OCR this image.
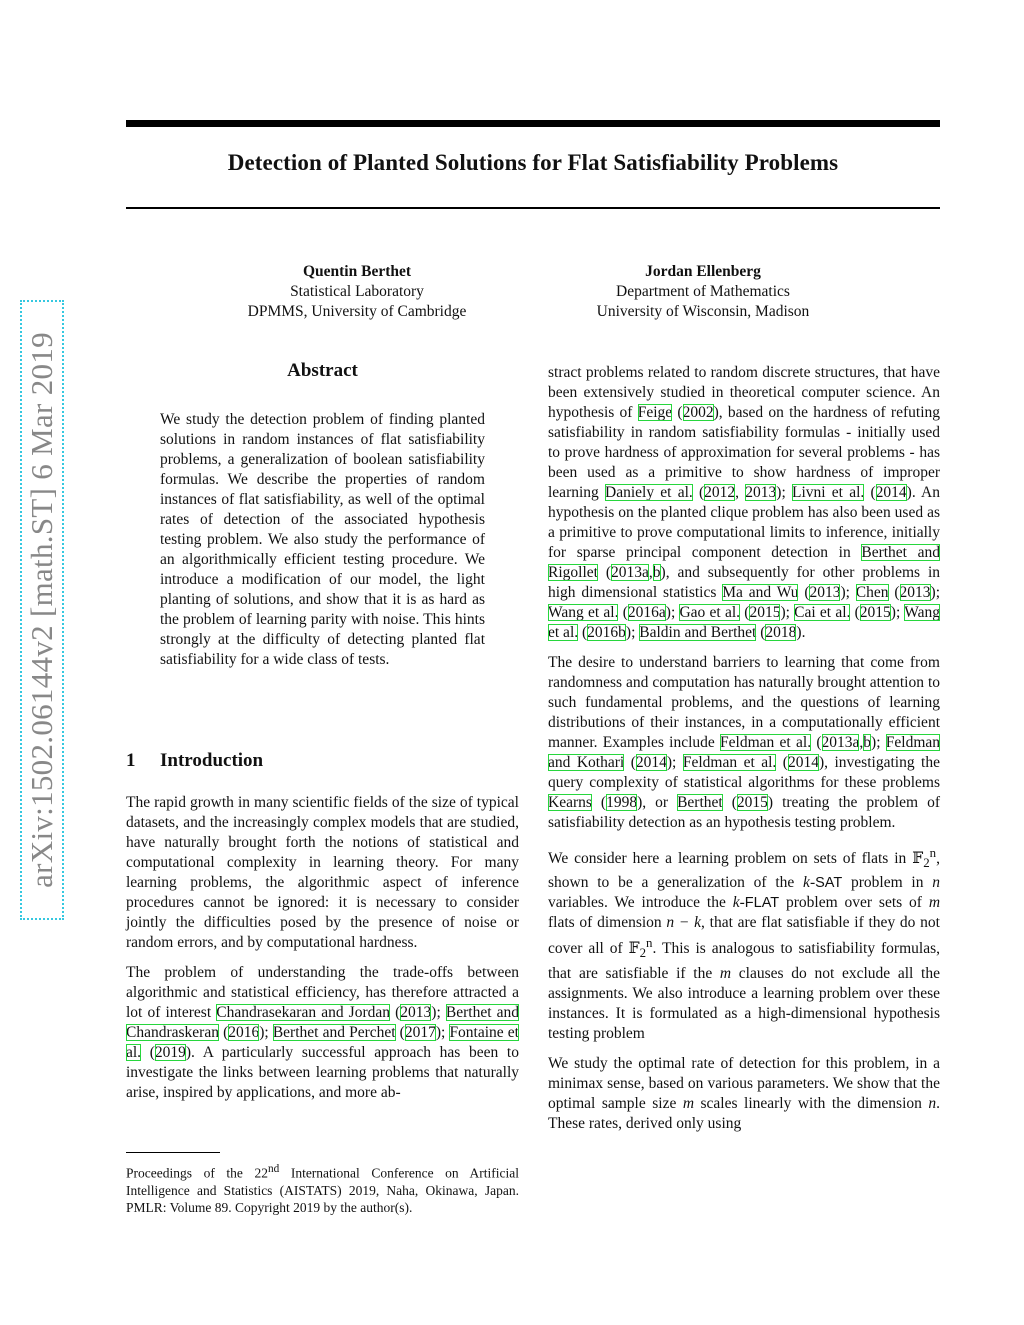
Detection of Planted Solutions for Flat Satisfiability Problems
arXiv:1502.06144v2 [math.ST] 6 Mar 2019
Quentin Berthet
Statistical Laboratory
DPMMS, University of Cambridge
Jordan Ellenberg
Department of Mathematics
University of Wisconsin, Madison
Abstract
We study the detection problem of finding planted solutions in random instances of flat satisfiability problems, a generalization of boolean satisfiability formulas. We describe the properties of random instances of flat satisfiability, as well of the optimal rates of detection of the associated hypothesis testing problem. We also study the performance of an algorithmically efficient testing procedure. We introduce a modification of our model, the light planting of solutions, and show that it is as hard as the problem of learning parity with noise. This hints strongly at the difficulty of detecting planted flat satisfiability for a wide class of tests.
1 Introduction

The rapid growth in many scientific fields of the size of typical datasets, and the increasingly complex models that are studied, have naturally brought forth the notions of statistical and computational complexity in learning theory. For many learning problems, the algorithmic aspect of inference procedures cannot be ignored: it is necessary to consider jointly the difficulties posed by the presence of noise or random errors, and by computational hardness.

The problem of understanding the trade-offs between algorithmic and statistical efficiency, has therefore attracted a lot of interest Chandrasekaran and Jordan (2013); Berthet and Chandraskeran (2016); Berthet and Perchet (2017); Fontaine et al. (2019). A particularly successful approach has been to investigate the links between learning problems that naturally arise, inspired by applications, and more ab-

Proceedings of the 22nd International Conference on Artificial Intelligence and Statistics (AISTATS) 2019, Naha, Okinawa, Japan. PMLR: Volume 89. Copyright 2019 by the author(s).

stract problems related to random discrete structures, that have been extensively studied in theoretical computer science. An hypothesis of Feige (2002), based on the hardness of refuting satisfiability in random satisfiability formulas - initially used to prove hardness of approximation for several problems - has been used as a primitive to show hardness of improper learning Daniely et al. (2012, 2013); Livni et al. (2014). An hypothesis on the planted clique problem has also been used as a primitive to prove computational limits to inference, initially for sparse principal component detection in Berthet and Rigollet (2013a,b), and subsequently for other problems in high dimensional statistics Ma and Wu (2013); Chen (2013); Wang et al. (2016a); Gao et al. (2015); Cai et al. (2015); Wang et al. (2016b); Baldin and Berthet (2018).

The desire to understand barriers to learning that come from randomness and computation has naturally brought attention to such fundamental problems, and the questions of learning distributions of their instances, in a computationally efficient manner. Examples include Feldman et al. (2013a,b); Feldman and Kothari (2014); Feldman et al. (2014), investigating the query complexity of statistical algorithms for these problems Kearns (1998), or Berthet (2015) treating the problem of satisfiability detection as an hypothesis testing problem.

We consider here a learning problem on sets of flats in 𝔽$_2^n$, shown to be a generalization of the k-SAT problem in n variables. We introduce the k-FLAT problem over sets of m flats of dimension n − k, that are flat satisfiable if they do not cover all of 𝔽$_2^n$. This is analogous to satisfiability formulas, that are satisfiable if the m clauses do not exclude all the assignments. We also introduce a learning problem over these instances. It is formulated as a high-dimensional hypothesis testing problem

We study the optimal rate of detection for this problem, in a minimax sense, based on various parameters. We show that the optimal sample size m scales linearly with the dimension n. These rates, derived only using
